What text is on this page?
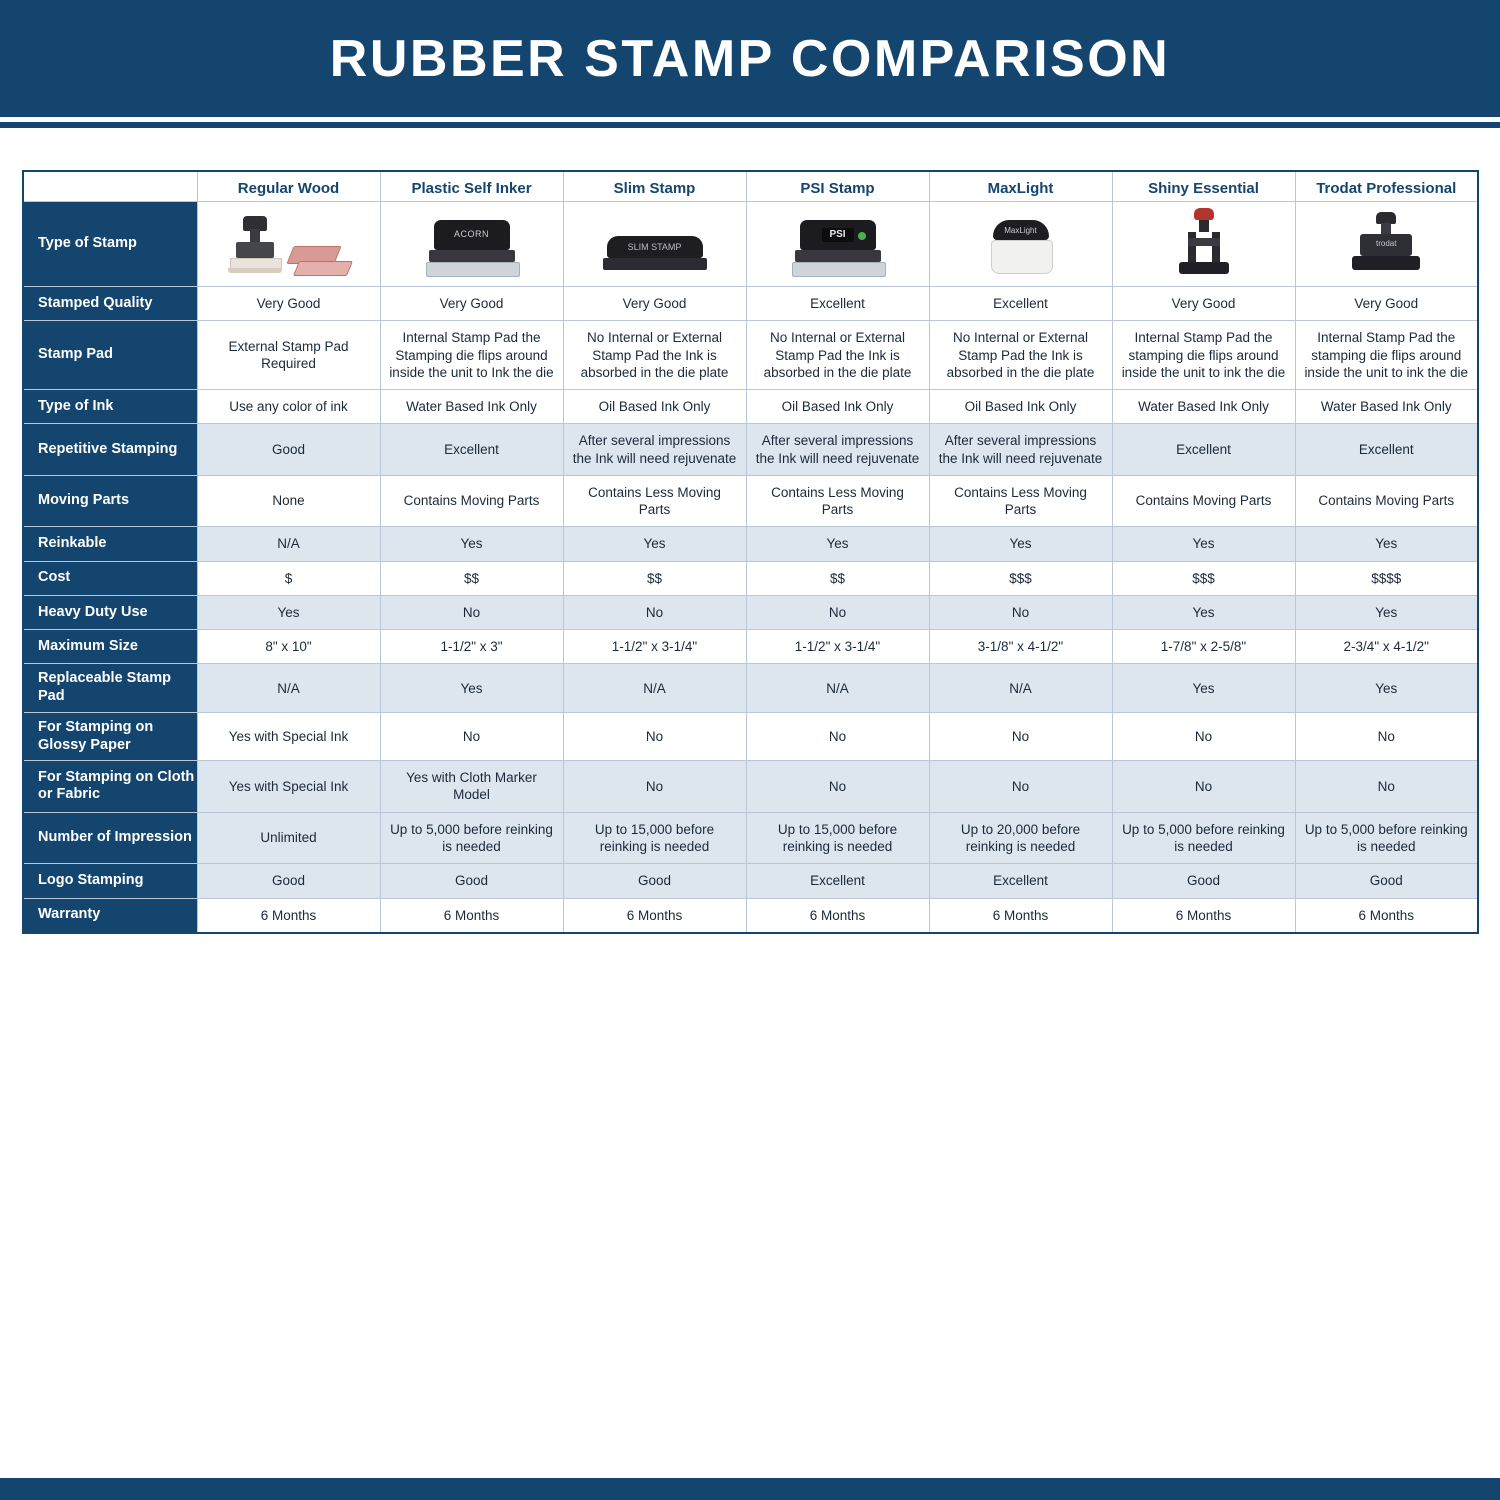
RUBBER STAMP COMPARISON
	Regular Wood	Plastic Self Inker	Slim Stamp	PSI Stamp	MaxLight	Shiny Essential	Trodat Professional
Type of Stamp		ACORN	SLIM STAMP	PSI	MaxLight		trodat

Stamped Quality	Very Good	Very Good	Very Good	Excellent	Excellent	Very Good	Very Good
Stamp Pad	External Stamp Pad Required	Internal Stamp Pad the Stamping die flips around inside the unit to Ink the die	No Internal or External Stamp Pad the Ink is absorbed in the die plate	No Internal or External Stamp Pad the Ink is absorbed in the die plate	No Internal or External Stamp Pad the Ink is absorbed in the die plate	Internal Stamp Pad the stamping die flips around inside the unit to ink the die	Internal Stamp Pad the stamping die flips around inside the unit to ink the die
Type of Ink	Use any color of ink	Water Based Ink Only	Oil Based Ink Only	Oil Based Ink Only	Oil Based Ink Only	Water Based Ink Only	Water Based Ink Only
Repetitive Stamping	Good	Excellent	After several impressions the Ink will need rejuvenate	After several impressions the Ink will need rejuvenate	After several impressions the Ink will need rejuvenate	Excellent	Excellent
Moving Parts	None	Contains Moving Parts	Contains Less Moving Parts	Contains Less Moving Parts	Contains Less Moving Parts	Contains Moving Parts	Contains Moving Parts
Reinkable	N/A	Yes	Yes	Yes	Yes	Yes	Yes
Cost	$	$$	$$	$$	$$$	$$$	$$$$
Heavy Duty Use	Yes	No	No	No	No	Yes	Yes
Maximum Size	8" x 10"	1-1/2" x 3"	1-1/2" x 3-1/4"	1-1/2" x 3-1/4"	3-1/8" x 4-1/2"	1-7/8" x 2-5/8"	2-3/4" x 4-1/2"
Replaceable Stamp Pad	N/A	Yes	N/A	N/A	N/A	Yes	Yes
For Stamping on Glossy Paper	Yes with Special Ink	No	No	No	No	No	No
For Stamping on Cloth or Fabric	Yes with Special Ink	Yes with Cloth Marker Model	No	No	No	No	No
Number of Impression	Unlimited	Up to 5,000 before reinking is needed	Up to 15,000 before reinking is needed	Up to 15,000 before reinking is needed	Up to 20,000 before reinking is needed	Up to 5,000 before reinking is needed	Up to 5,000 before reinking is needed
Logo Stamping	Good	Good	Good	Excellent	Excellent	Good	Good
Warranty	6 Months	6 Months	6 Months	6 Months	6 Months	6 Months	6 Months
